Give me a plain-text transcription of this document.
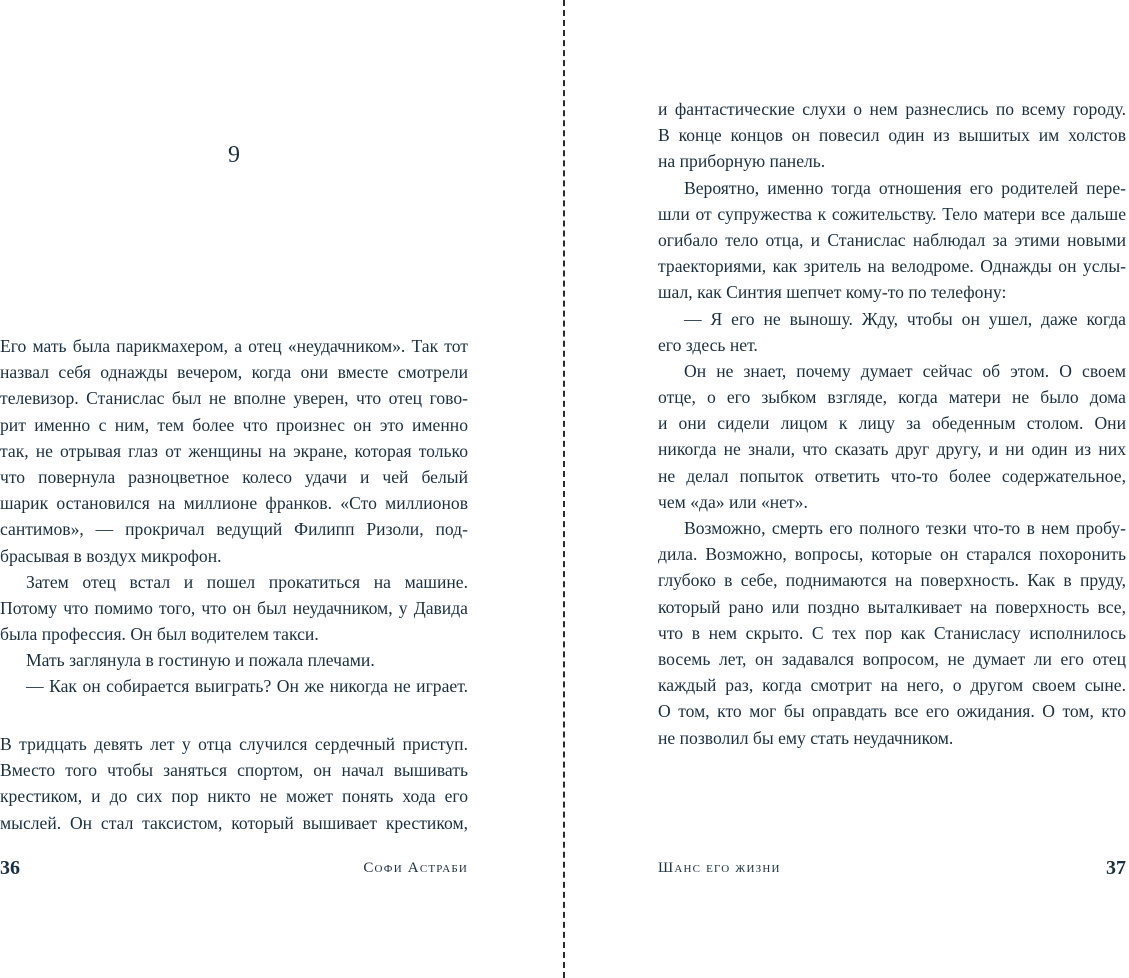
9
Его мать была парикмахером, а отец «неудачником». Так тот
назвал себя однажды вечером, когда они вместе смотрели
телевизор. Станислас был не вполне уверен, что отец гово-
рит именно с ним, тем более что произнес он это именно
так, не отрывая глаз от женщины на экране, которая только
что повернула разноцветное колесо удачи и чей белый
шарик остановился на миллионе франков. «Сто миллионов
сантимов», — прокричал ведущий Филипп Ризоли, под-
брасывая в воздух микрофон.
Затем отец встал и пошел прокатиться на машине.
Потому что помимо того, что он был неудачником, у Давида
была профессия. Он был водителем такси.
Мать заглянула в гостиную и пожала плечами.
— Как он собирается выиграть? Он же никогда не играет.
В тридцать девять лет у отца случился сердечный приступ.
Вместо того чтобы заняться спортом, он начал вышивать
крестиком, и до сих пор никто не может понять хода его
мыслей. Он стал таксистом, который вышивает крестиком,
36	Софи Астраби
и фантастические слухи о нем разнеслись по всему городу.
В конце концов он повесил один из вышитых им холстов
на приборную панель.
Вероятно, именно тогда отношения его родителей пере-
шли от супружества к сожительству. Тело матери все дальше
огибало тело отца, и Станислас наблюдал за этими новыми
траекториями, как зритель на велодроме. Однажды он услы-
шал, как Синтия шепчет кому-то по телефону:
— Я его не выношу. Жду, чтобы он ушел, даже когда
его здесь нет.
Он не знает, почему думает сейчас об этом. О своем
отце, о его зыбком взгляде, когда матери не было дома
и они сидели лицом к лицу за обеденным столом. Они
никогда не знали, что сказать друг другу, и ни один из них
не делал попыток ответить что-то более содержательное,
чем «да» или «нет».
Возможно, смерть его полного тезки что-то в нем пробу-
дила. Возможно, вопросы, которые он старался похоронить
глубоко в себе, поднимаются на поверхность. Как в пруду,
который рано или поздно выталкивает на поверхность все,
что в нем скрыто. С тех пор как Станисласу исполнилось
восемь лет, он задавался вопросом, не думает ли его отец
каждый раз, когда смотрит на него, о другом своем сыне.
О том, кто мог бы оправдать все его ожидания. О том, кто
не позволил бы ему стать неудачником.
Шанс его жизни	37
